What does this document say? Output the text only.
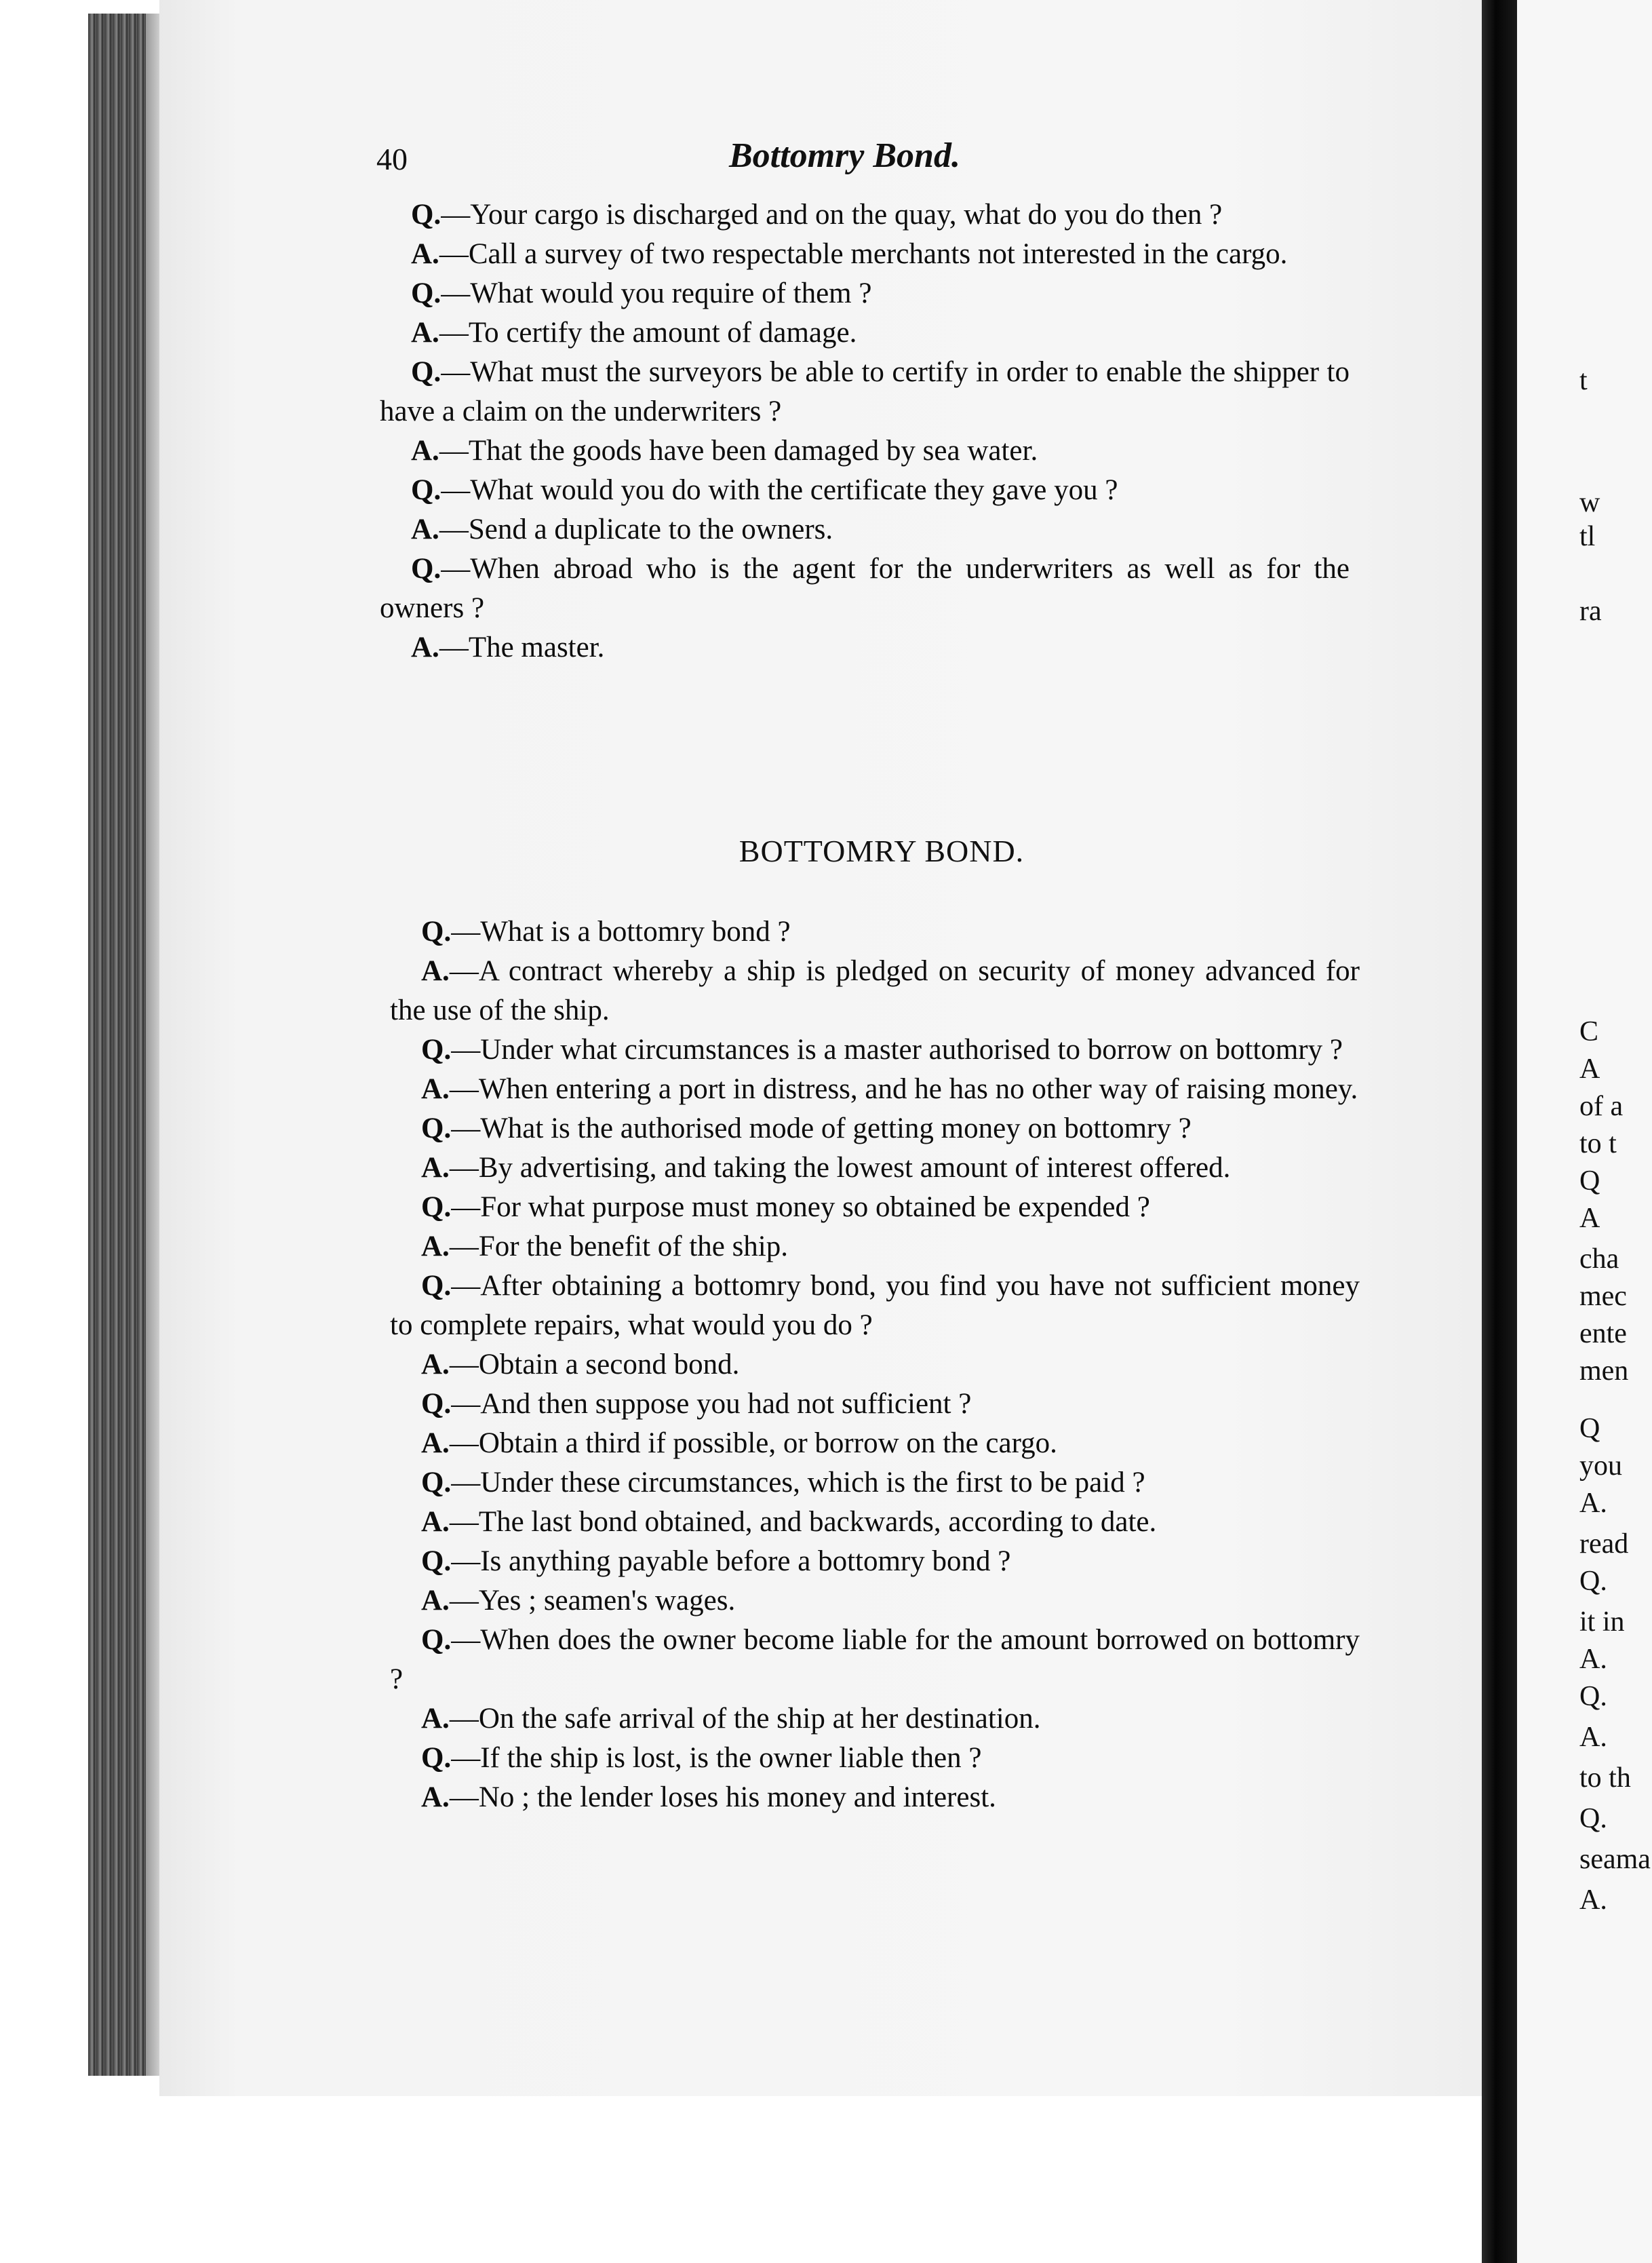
t
w
tl
ra
C
A
of a
to t
Q
A
cha
mec
ente
men
Q
you
A.
read
Q.
it in
A.
Q.
A.
to th
Q.
seama
A.
40	Bottomry Bond.

Q.—Your cargo is discharged and on the quay, what do you do then ?

A.—Call a survey of two respectable merchants not interested in the cargo.

Q.—What would you require of them ?

A.—To certify the amount of damage.

Q.—What must the surveyors be able to certify in order to enable the shipper to have a claim on the underwriters ?

A.—That the goods have been damaged by sea water.

Q.—What would you do with the certificate they gave you ?

A.—Send a duplicate to the owners.

Q.—When abroad who is the agent for the underwriters as well as for the owners ?

A.—The master.

BOTTOMRY BOND.

Q.—What is a bottomry bond ?

A.—A contract whereby a ship is pledged on security of money advanced for the use of the ship.

Q.—Under what circumstances is a master authorised to borrow on bottomry ?

A.—When entering a port in distress, and he has no other way of raising money.

Q.—What is the authorised mode of getting money on bottomry ?

A.—By advertising, and taking the lowest amount of interest offered.

Q.—For what purpose must money so obtained be expended ?

A.—For the benefit of the ship.

Q.—After obtaining a bottomry bond, you find you have not sufficient money to complete repairs, what would you do ?

A.—Obtain a second bond.

Q.—And then suppose you had not sufficient ?

A.—Obtain a third if possible, or borrow on the cargo.

Q.—Under these circumstances, which is the first to be paid ?

A.—The last bond obtained, and backwards, according to date.

Q.—Is anything payable before a bottomry bond ?

A.—Yes ; seamen's wages.

Q.—When does the owner become liable for the amount borrowed on bottomry ?

A.—On the safe arrival of the ship at her destination.

Q.—If the ship is lost, is the owner liable then ?

A.—No ; the lender loses his money and interest.
